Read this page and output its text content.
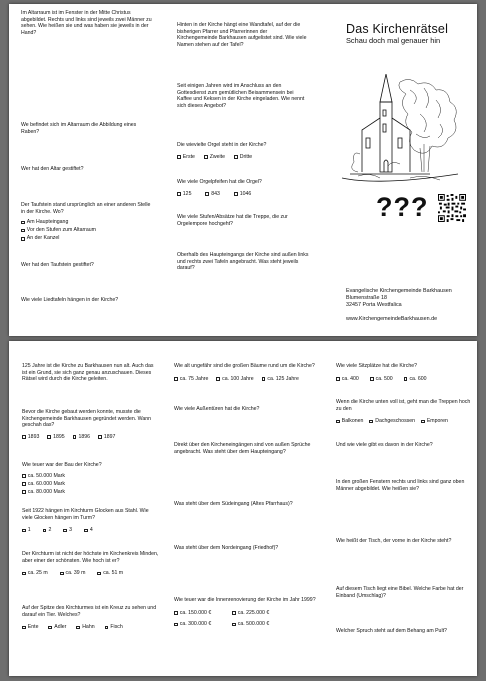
Im Altarraum ist im Fenster in der Mitte Christus abgebildet. Rechts und links sind jeweils zwei Männer zu sehen. Wie heißen sie und was haben sie jeweils in der Hand?
We befindet sich im Altarraum die Abbildung eines Raben?
Wer hat den Altar gestiftet?
Der Taufstein stand ursprünglich an einer anderen Stelle in der Kirche. Wo?
Am Haupteingang
Vor den Stufen zum Altarraum
An der Kanzel
Wer hat den Taufstein gestiftet?
Wie viele Liedtafeln hängen in der Kirche?
Hinten in der Kirche hängt eine Wandtafel, auf der die bisherigen Pfarrer und Pfarrerinnen der Kirchengemeinde Barkhausen aufgelistet sind. Wie viele Namen stehen auf der Tafel?
Seit einigen Jahren wird im Anschluss an den Gottesdienst zum gemütlichen Beisammensein bei Kaffee und Keksen in der Kirche eingeladen. Wie nennt sich dieses Angebot?
Die wievielte Orgel steht in der Kirche?
Erste	Zweite	Dritte
Wie viele Orgelpfeifen hat die Orgel?
125	843	1046
Wie viele Stufen/Absätze hat die Treppe, die zur Orgelempore hochgeht?
Oberhalb des Haupteingangs der Kirche sind außen links und rechts zwei Tafeln angebracht. Was steht jeweils darauf?
Das Kirchenrätsel
Schau doch mal genauer hin
???
Evangelische Kirchengemeinde Barkhausen
Blumenstraße 18
32457 Porta Westfalica
www.KirchengemeindeBarkhausen.de
125 Jahre ist die Kirche zu Barkhausen nun alt. Auch das ist ein Grund, sie sich ganz genau anzuschauen. Dieses Rätsel wird durch die Kirche geleiten.
Bevor die Kirche gebaut werden konnte, musste die Kirchengemeinde Barkhausen gegründet werden. Wann geschah das?
1893	1895	1896	1897
Wie teuer war der Bau der Kirche?
ca. 50.000 Mark
ca. 60.000 Mark
ca. 80.000 Mark
Seit 1922 hängen im Kirchturm Glocken aus Stahl. Wie viele Glocken hängen im Turm?
1	2	3	4
Der Kirchturm ist nicht der höchste im Kirchenkreis Minden, aber einer der schönsten. Wie hoch ist er?
ca. 25 m	ca. 39 m	ca. 51 m
Auf der Spitze des Kirchturmes ist ein Kreuz zu sehen und darauf ein Tier. Welches?
Ente	Adler	Hahn	Fisch
Wie alt ungefähr sind die großen Bäume rund um die Kirche?
ca. 75 Jahre	ca. 100 Jahre	ca. 125 Jahre
Wie viele Außentüren hat die Kirche?
Direkt über den Kircheneingängen sind von außen Sprüche angebracht. Was steht über dem Haupteingang?
Was steht über dem Südeingang (Altes Pfarrhaus)?
Was steht über dem Nordeingang (Friedhof)?
Wie teuer war die Innenrenovierung der Kirche im Jahr 1999?
ca. 150.000 €	ca. 225.000 €
ca. 300.000 €	ca. 500.000 €
Wie viele Sitzplätze hat die Kirche?
ca. 400	ca. 500	ca. 600
Wenn die Kirche unten voll ist, geht man die Treppen hoch zu den
Balkonen Dachgeschossen Emporen
Und wie viele gibt es davon in der Kirche?
In den großen Fenstern rechts und links sind ganz oben Männer abgebildet. Wie heißen sie?
Wie heißt der Tisch, der vorne in der Kirche steht?
Auf diesem Tisch liegt eine Bibel. Welche Farbe hat der Einband (Umschlag)?
Welcher Spruch steht auf dem Behang am Pult?
